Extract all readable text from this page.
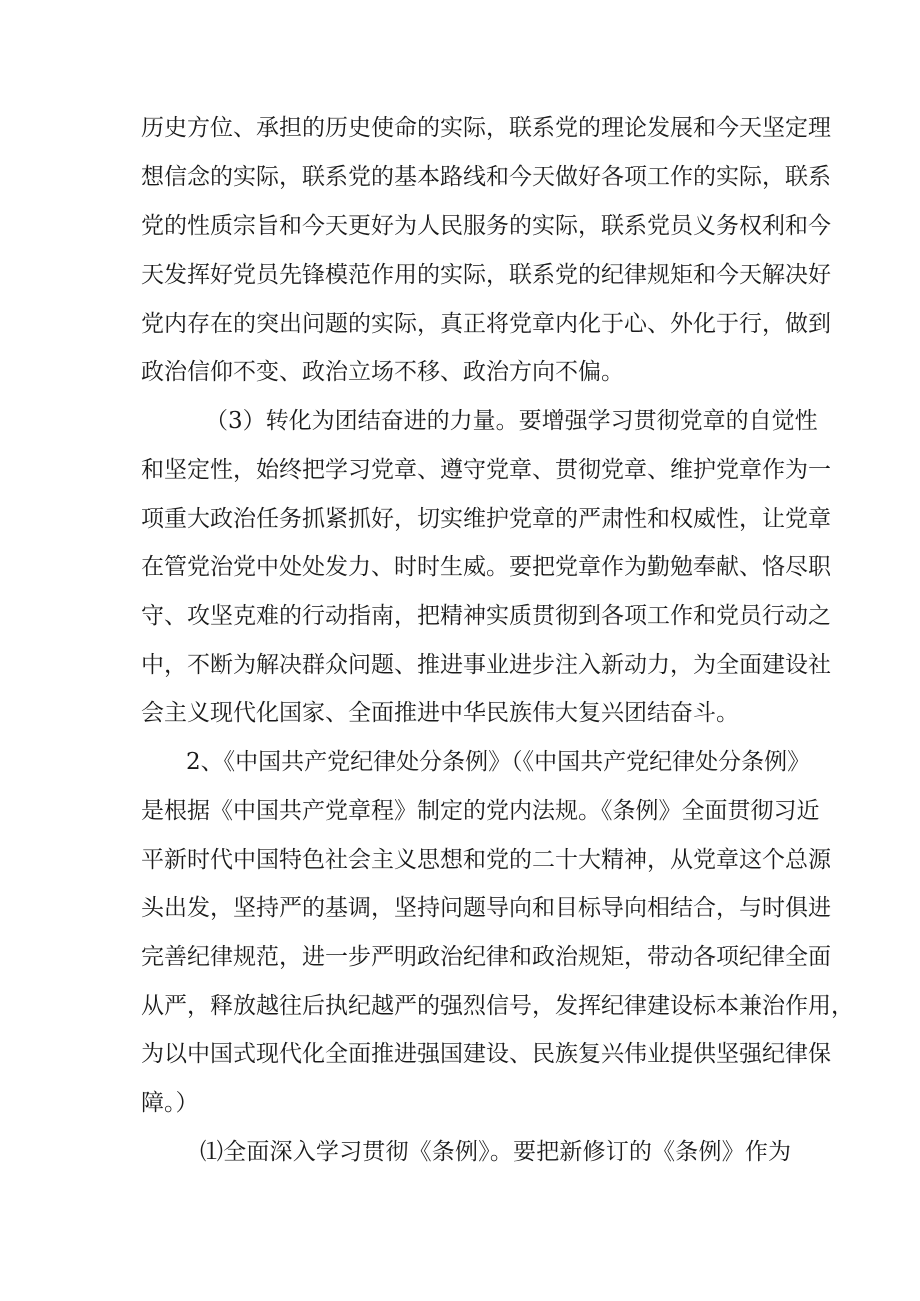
历史方位、承担的历史使命的实际，联系党的理论发展和今天坚定理
想信念的实际，联系党的基本路线和今天做好各项工作的实际，联系
党的性质宗旨和今天更好为人民服务的实际，联系党员义务权利和今
天发挥好党员先锋模范作用的实际，联系党的纪律规矩和今天解决好
党内存在的突出问题的实际，真正将党章内化于心、外化于行，做到
政治信仰不变、政治立场不移、政治方向不偏。
（3）转化为团结奋进的力量。要增强学习贯彻党章的自觉性
和坚定性，始终把学习党章、遵守党章、贯彻党章、维护党章作为一
项重大政治任务抓紧抓好，切实维护党章的严肃性和权威性，让党章
在管党治党中处处发力、时时生威。要把党章作为勤勉奉献、恪尽职
守、攻坚克难的行动指南，把精神实质贯彻到各项工作和党员行动之
中，不断为解决群众问题、推进事业进步注入新动力，为全面建设社
会主义现代化国家、全面推进中华民族伟大复兴团结奋斗。
2、《中国共产党纪律处分条例》（《中国共产党纪律处分条例》
是根据《中国共产党章程》制定的党内法规。《条例》全面贯彻习近
平新时代中国特色社会主义思想和党的二十大精神，从党章这个总源
头出发，坚持严的基调，坚持问题导向和目标导向相结合，与时俱进
完善纪律规范，进一步严明政治纪律和政治规矩，带动各项纪律全面
从严，释放越往后执纪越严的强烈信号，发挥纪律建设标本兼治作用，
为以中国式现代化全面推进强国建设、民族复兴伟业提供坚强纪律保
障。）
⑴全面深入学习贯彻《条例》。要把新修订的《条例》作为
